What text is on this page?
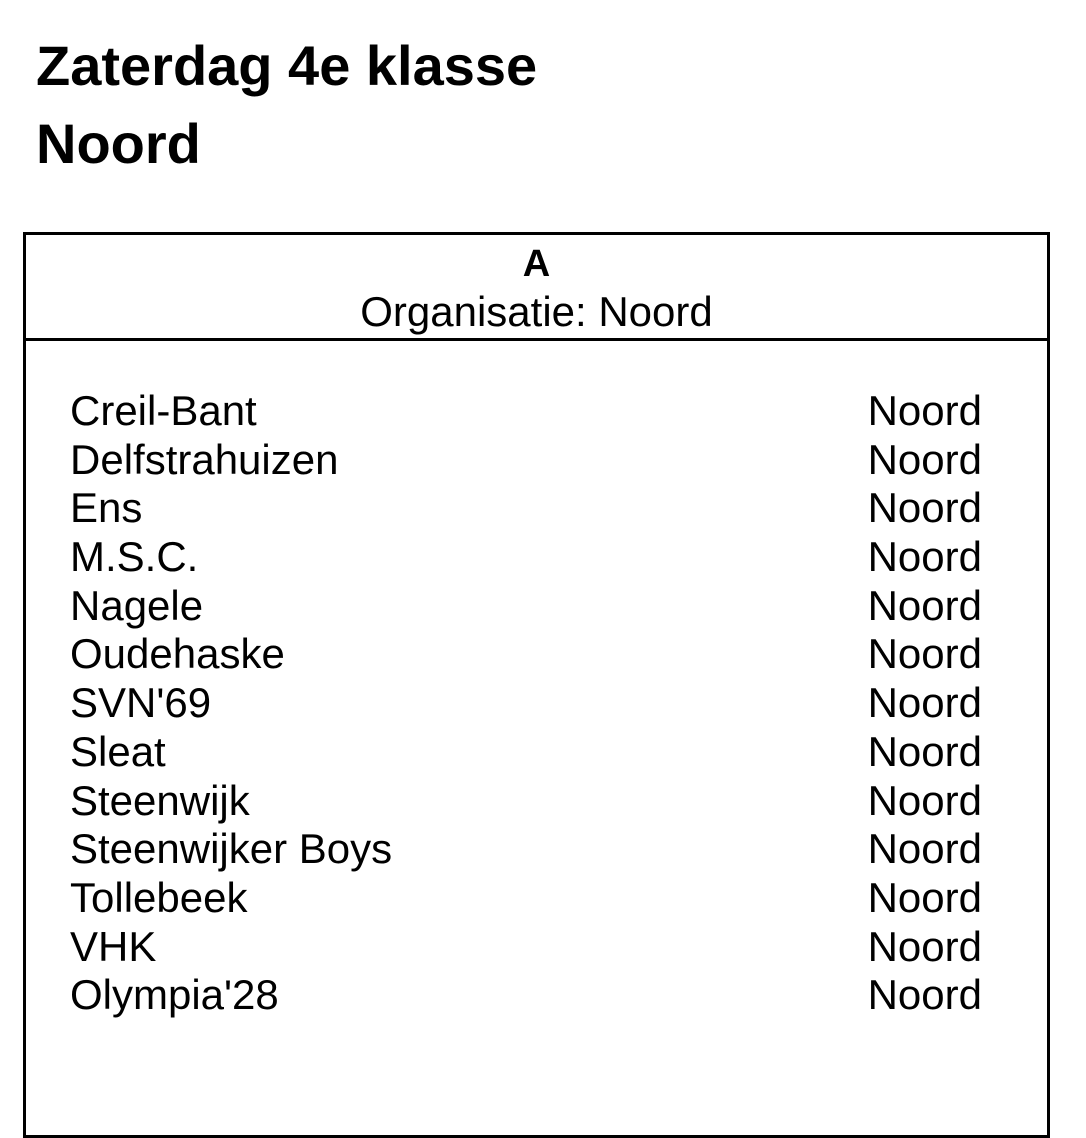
Zaterdag 4e klasse
Noord
A
Organisatie: Noord
Creil-Bant	Noord
Delfstrahuizen	Noord
Ens	Noord
M.S.C.	Noord
Nagele	Noord
Oudehaske	Noord
SVN'69	Noord
Sleat	Noord
Steenwijk	Noord
Steenwijker Boys	Noord
Tollebeek	Noord
VHK	Noord
Olympia'28	Noord
